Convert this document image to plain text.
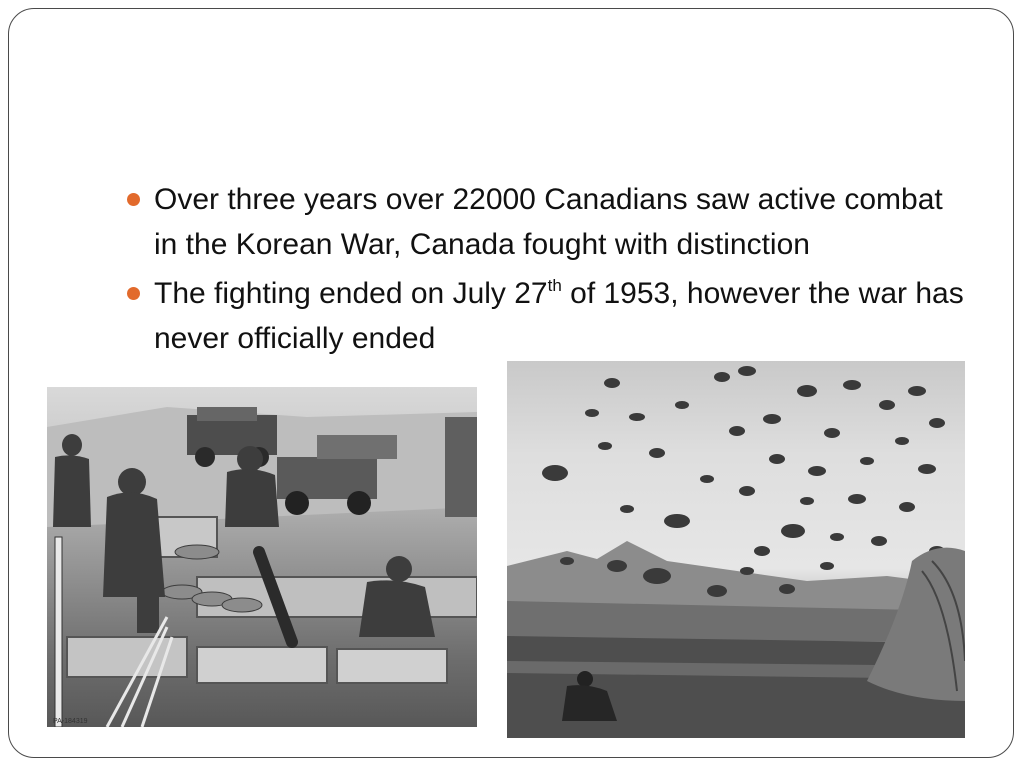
Over three years over 22000 Canadians saw active combat in the Korean War, Canada fought with distinction
The fighting ended on July 27th of 1953, however the war has never officially ended
PA-184319
